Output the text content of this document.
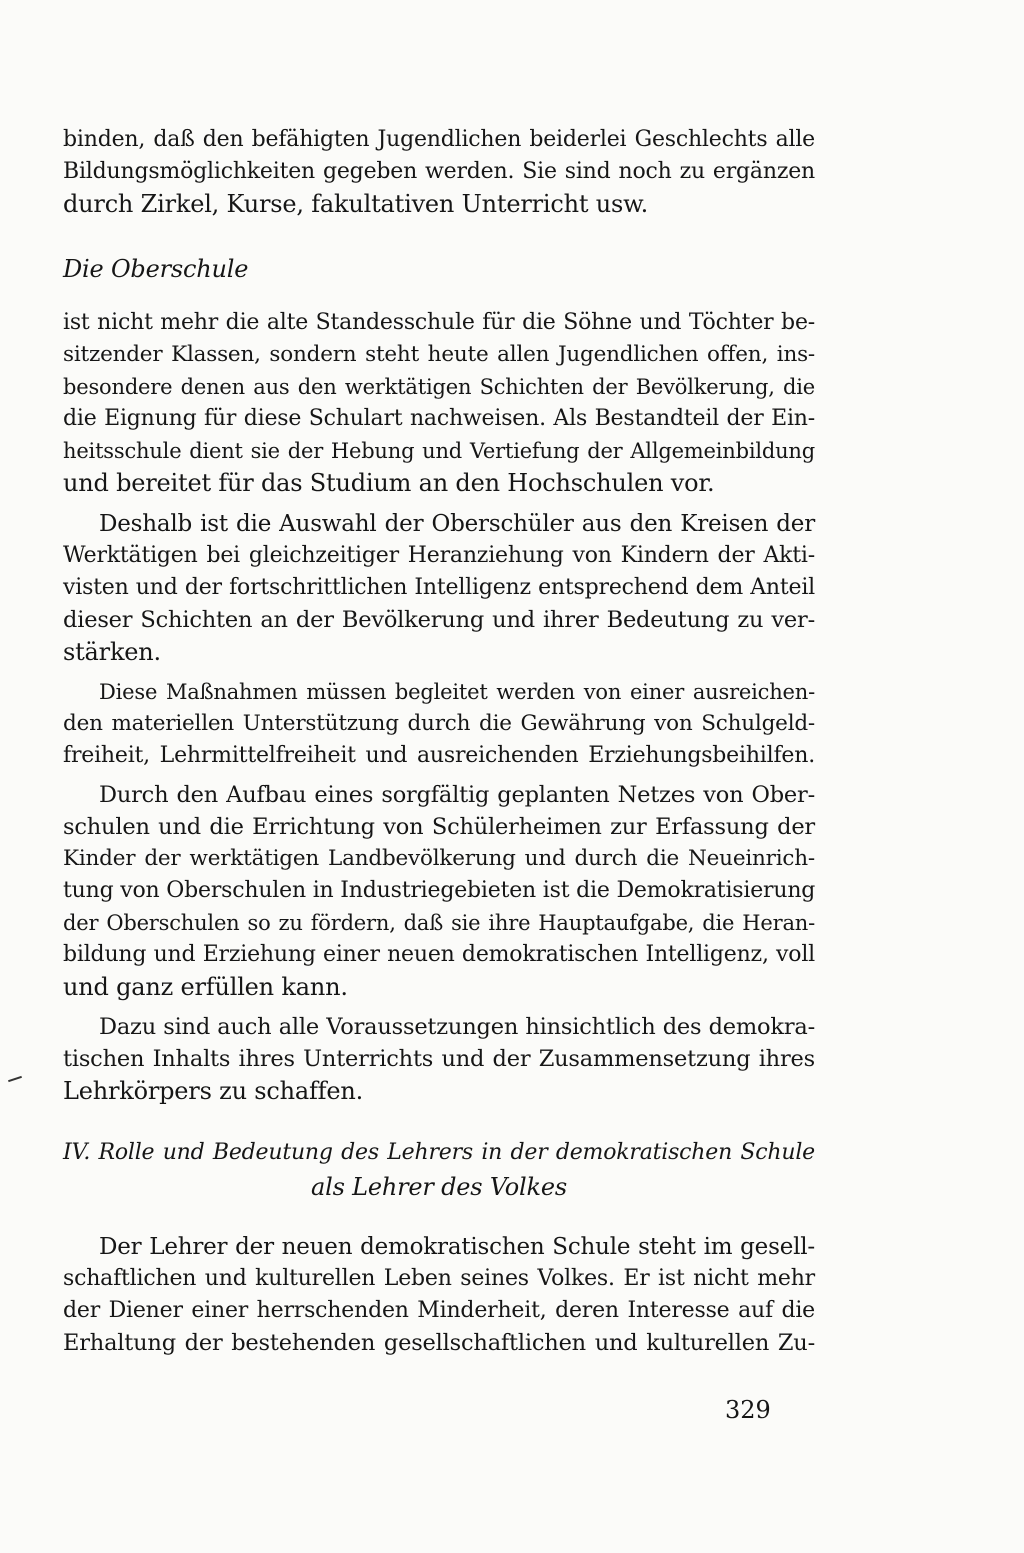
binden, daß den befähigten Jugendlichen beiderlei Geschlechts alle
Bildungsmöglichkeiten gegeben werden. Sie sind noch zu ergänzen
durch Zirkel, Kurse, fakultativen Unterricht usw.
Die Oberschule
ist nicht mehr die alte Standesschule für die Söhne und Töchter be-
sitzender Klassen, sondern steht heute allen Jugendlichen offen, ins-
besondere denen aus den werktätigen Schichten der Bevölkerung, die
die Eignung für diese Schulart nachweisen. Als Bestandteil der Ein-
heitsschule dient sie der Hebung und Vertiefung der Allgemeinbildung
und bereitet für das Studium an den Hochschulen vor.
Deshalb ist die Auswahl der Oberschüler aus den Kreisen der
Werktätigen bei gleichzeitiger Heranziehung von Kindern der Akti-
visten und der fortschrittlichen Intelligenz entsprechend dem Anteil
dieser Schichten an der Bevölkerung und ihrer Bedeutung zu ver-
stärken.
Diese Maßnahmen müssen begleitet werden von einer ausreichen-
den materiellen Unterstützung durch die Gewährung von Schulgeld-
freiheit, Lehrmittelfreiheit und ausreichenden Erziehungsbeihilfen.
Durch den Aufbau eines sorgfältig geplanten Netzes von Ober-
schulen und die Errichtung von Schülerheimen zur Erfassung der
Kinder der werktätigen Landbevölkerung und durch die Neueinrich-
tung von Oberschulen in Industriegebieten ist die Demokratisierung
der Oberschulen so zu fördern, daß sie ihre Hauptaufgabe, die Heran-
bildung und Erziehung einer neuen demokratischen Intelligenz, voll
und ganz erfüllen kann.
Dazu sind auch alle Voraussetzungen hinsichtlich des demokra-
tischen Inhalts ihres Unterrichts und der Zusammensetzung ihres
Lehrkörpers zu schaffen.
IV. Rolle und Bedeutung des Lehrers in der demokratischen Schule
als Lehrer des Volkes
Der Lehrer der neuen demokratischen Schule steht im gesell-
schaftlichen und kulturellen Leben seines Volkes. Er ist nicht mehr
der Diener einer herrschenden Minderheit, deren Interesse auf die
Erhaltung der bestehenden gesellschaftlichen und kulturellen Zu-
329
